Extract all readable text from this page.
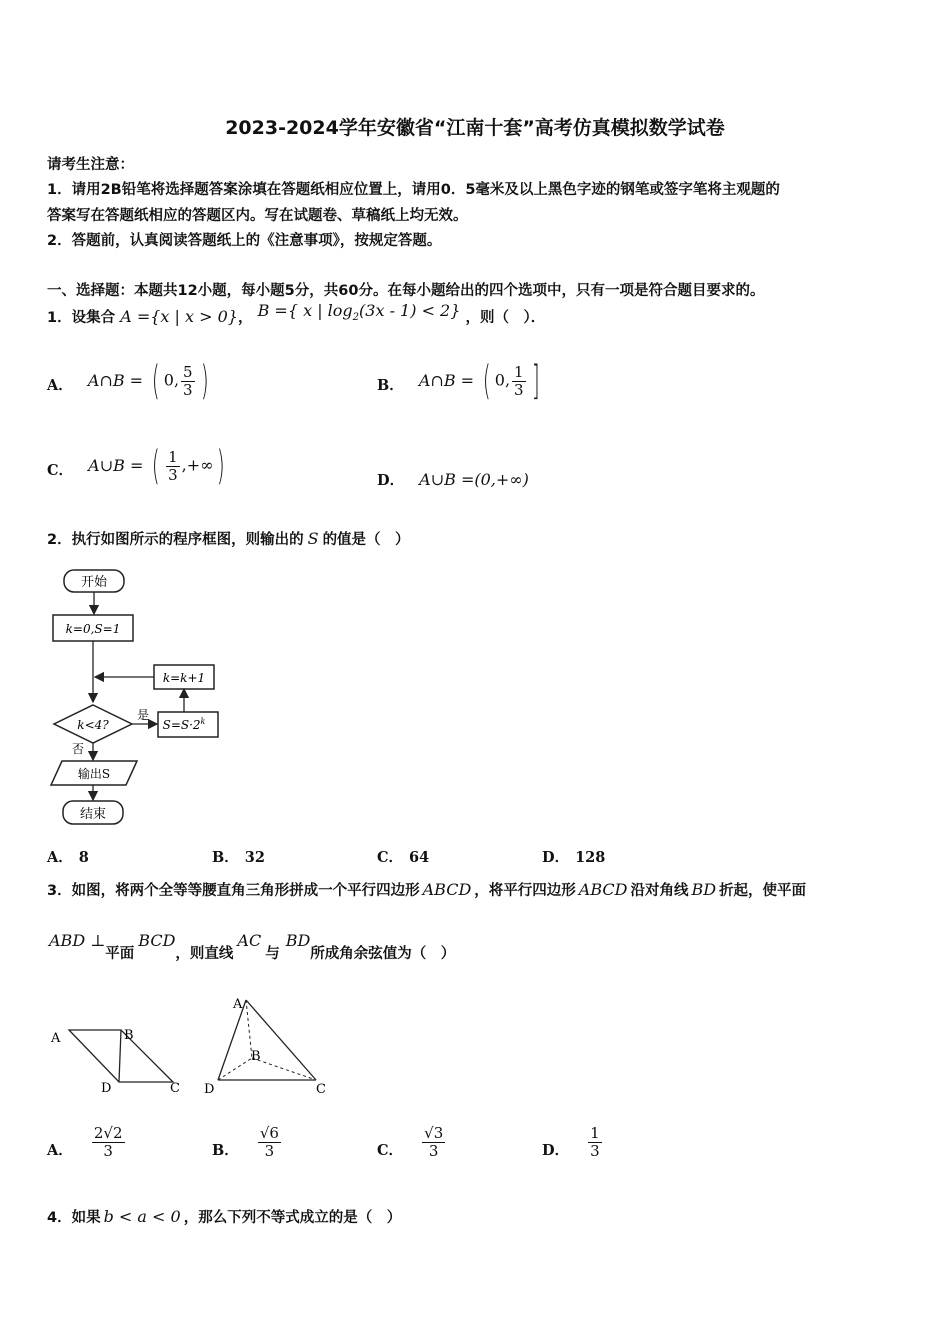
2023-2024学年安徽省“江南十套”高考仿真模拟数学试卷
请考生注意：
1．请用2B铅笔将选择题答案涂填在答题纸相应位置上，请用0．5毫米及以上黑色字迹的钢笔或签字笔将主观题的
答案写在答题纸相应的答题区内。写在试题卷、草稿纸上均无效。
2．答题前，认真阅读答题纸上的《注意事项》，按规定答题。
一、选择题：本题共12小题，每小题5分，共60分。在每小题给出的四个选项中，只有一项是符合题目要求的。
1．设集合 A ={x | x > 0}， B ={ x | $\log_2(3x - 1) < 2$} ，则（　）．
A． A∩B = ( 0, $\frac{5}{3}$ )	B． A∩B = ( 0, $\frac{1}{3}$ ]
C． A∪B = ( $\frac{1}{3}$ ,+∞)	D． A∪B =(0,+∞)
2．执行如图所示的程序框图，则输出的 S 的值是（　）
开始
k=0,S=1
k=k+1
k<4?
是
$S=S\cdot 2^k$
否
输出S
结束
A． 8	B． 32	C． 64	D． 128
3．如图，将两个全等等腰直角三角形拼成一个平行四边形 ABCD ，将平行四边形 ABCD 沿对角线 BD 折起，使平面
ABD ⊥平面BCD，则直线AC与BD所成角余弦值为（　）
A	B
D	C
A
B
D	C
A． $\frac{2√2}{3}$	B． $\frac{√6}{3}$	C． $\frac{√3}{3}$	D． $\frac{1}{3}$
4．如果 b < a < 0 ，那么下列不等式成立的是（　）
